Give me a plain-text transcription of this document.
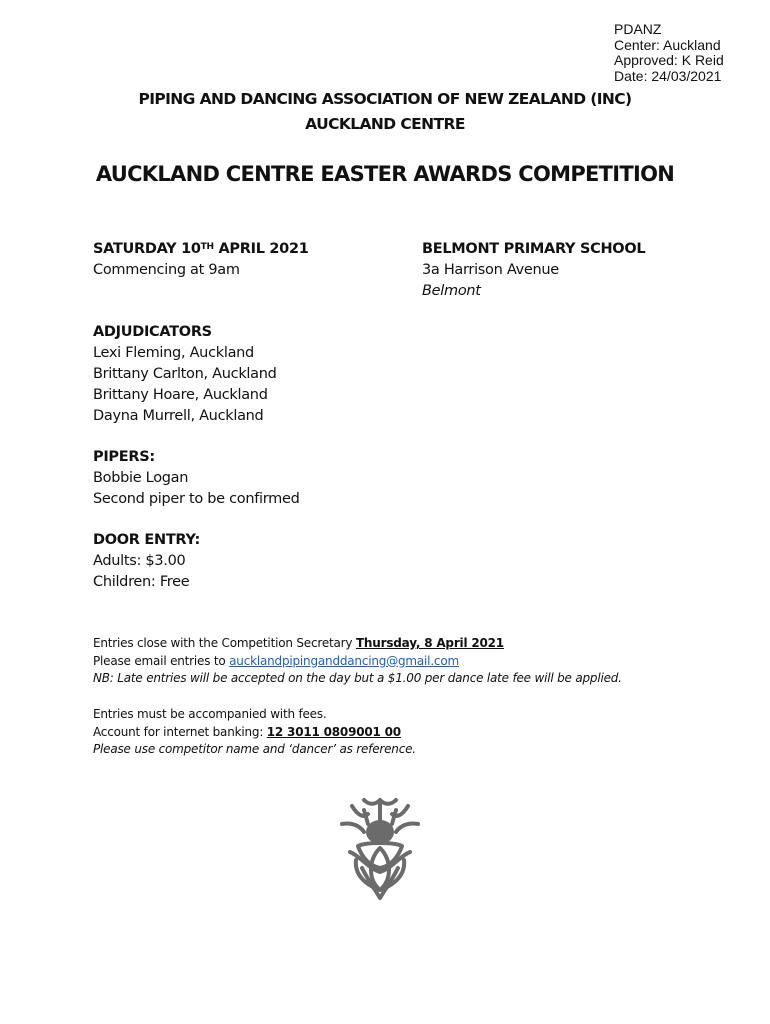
PDANZ
Center: Auckland
Approved: K Reid
Date: 24/03/2021
PIPING AND DANCING ASSOCIATION OF NEW ZEALAND (INC)
AUCKLAND CENTRE
AUCKLAND CENTRE EASTER AWARDS COMPETITION
SATURDAY 10TH APRIL 2021
Commencing at 9am
BELMONT PRIMARY SCHOOL
3a Harrison Avenue
Belmont
ADJUDICATORS
Lexi Fleming, Auckland
Brittany Carlton, Auckland
Brittany Hoare, Auckland
Dayna Murrell, Auckland
PIPERS:
Bobbie Logan
Second piper to be confirmed
DOOR ENTRY:
Adults: $3.00
Children: Free
Entries close with the Competition Secretary Thursday, 8 April 2021
Please email entries to aucklandpipinganddancing@gmail.com
NB: Late entries will be accepted on the day but a $1.00 per dance late fee will be applied.
Entries must be accompanied with fees.
Account for internet banking: 12 3011 0809001 00
Please use competitor name and ‘dancer’ as reference.
